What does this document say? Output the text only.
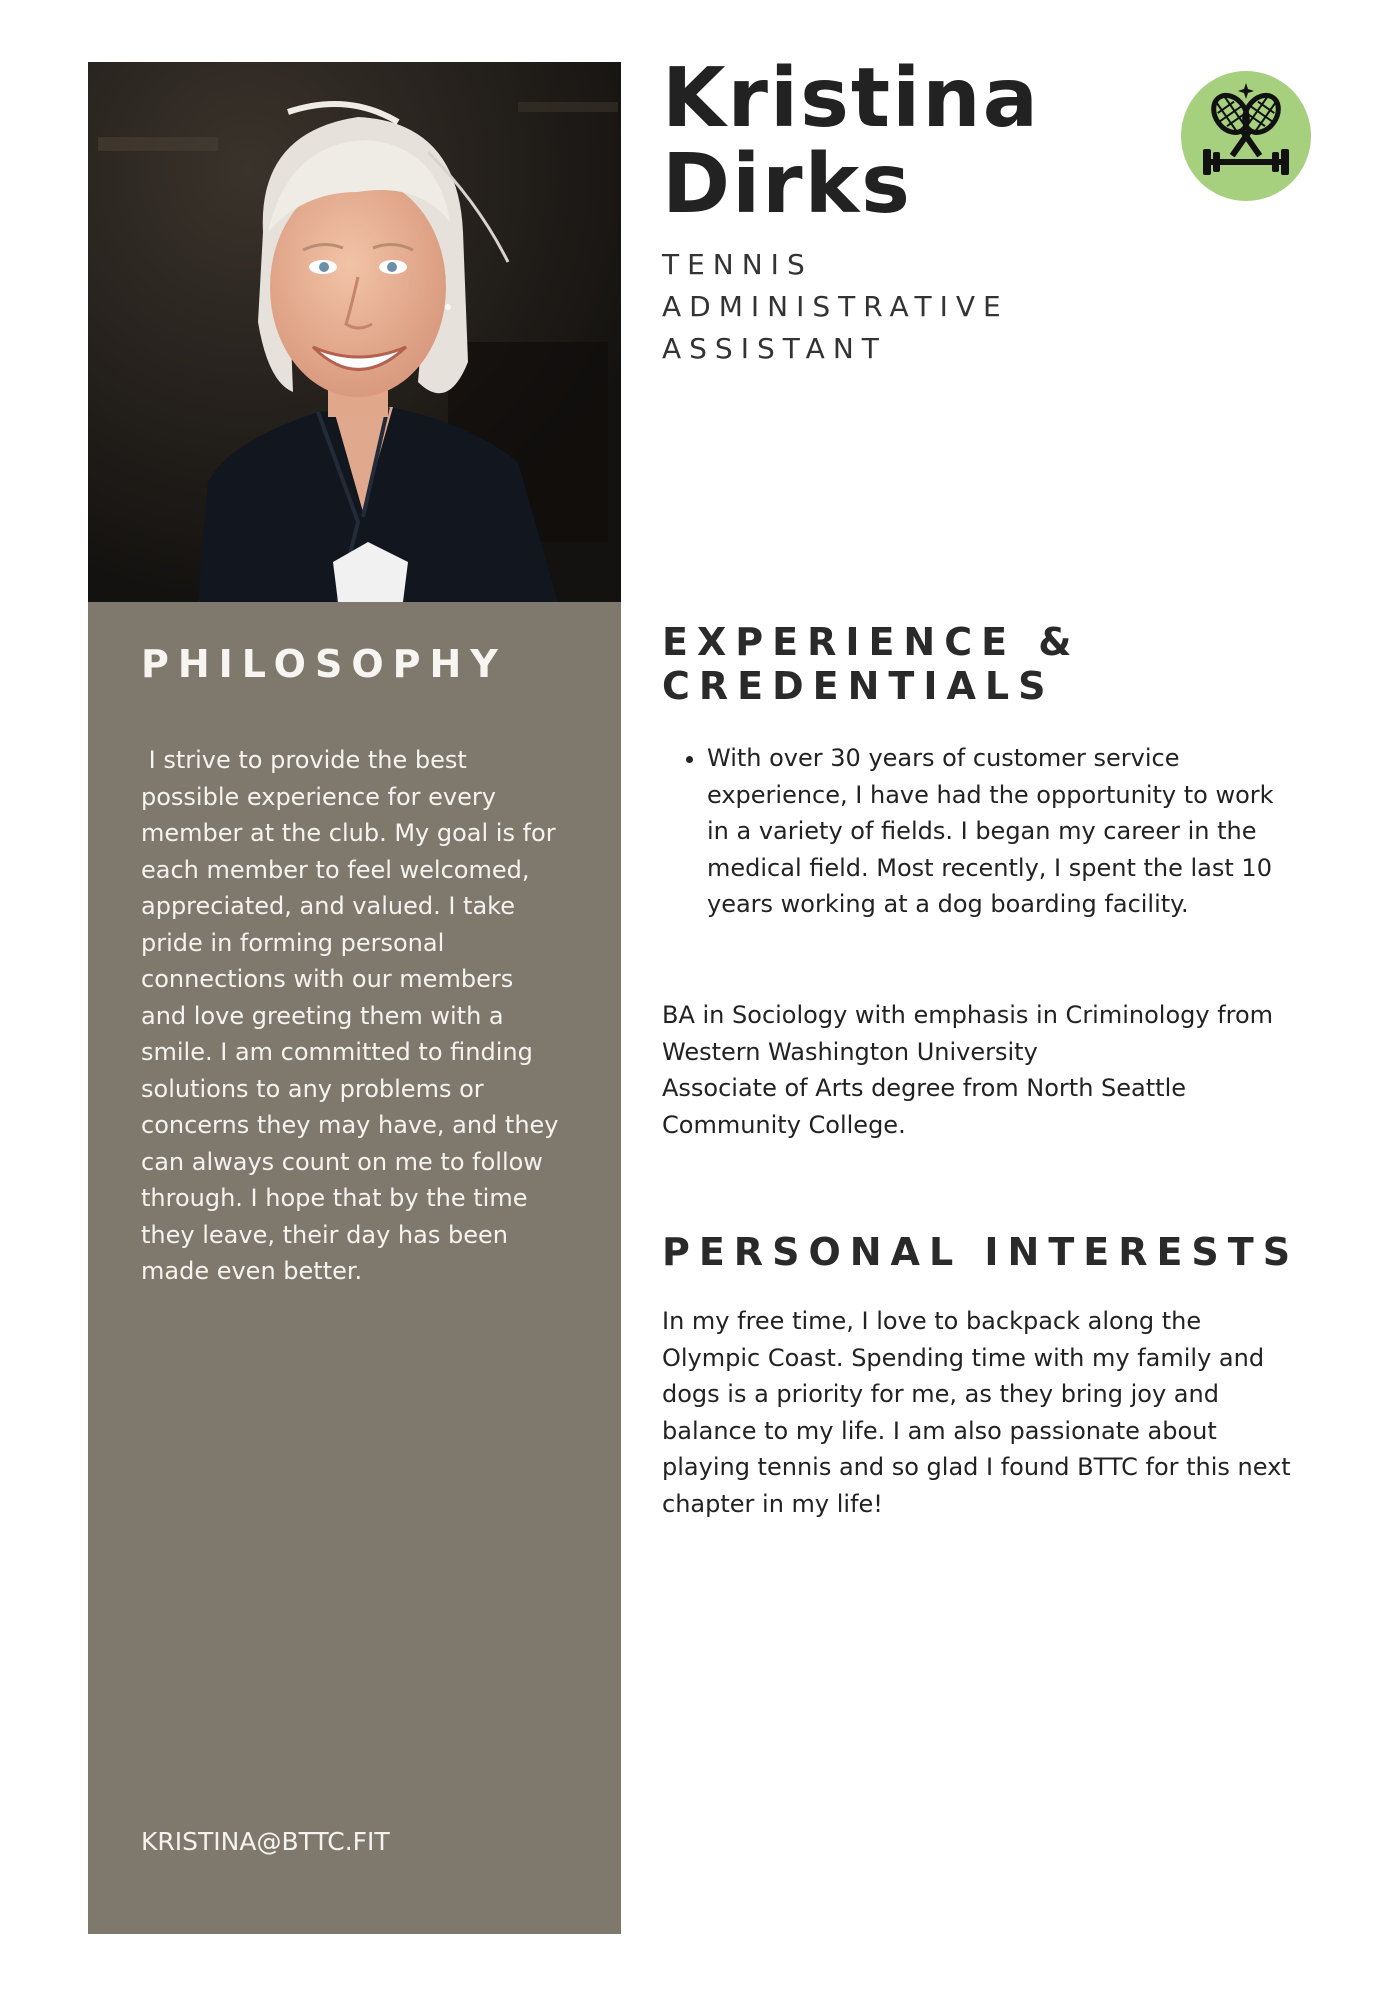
PHILOSOPHY

I strive to provide the best possible experience for every member at the club. My goal is for each member to feel welcomed, appreciated, and valued. I take pride in forming personal connections with our members and love greeting them with a smile. I am committed to finding solutions to any problems or concerns they may have, and they can always count on me to follow through. I hope that by the time they leave, their day has been made even better.

KRISTINA@BTTC.FIT

Kristina
Dirks

TENNIS
ADMINISTRATIVE
ASSISTANT

EXPERIENCE &
CREDENTIALS
• With over 30 years of customer service experience, I have had the opportunity to work in a variety of fields. I began my career in the medical field. Most recently, I spent the last 10 years working at a dog boarding facility.

BA in Sociology with emphasis in Criminology from Western Washington University
Associate of Arts degree from North Seattle Community College.

PERSONAL INTERESTS

In my free time, I love to backpack along the Olympic Coast. Spending time with my family and dogs is a priority for me, as they bring joy and balance to my life. I am also passionate about playing tennis and so glad I found BTTC for this next chapter in my life!
